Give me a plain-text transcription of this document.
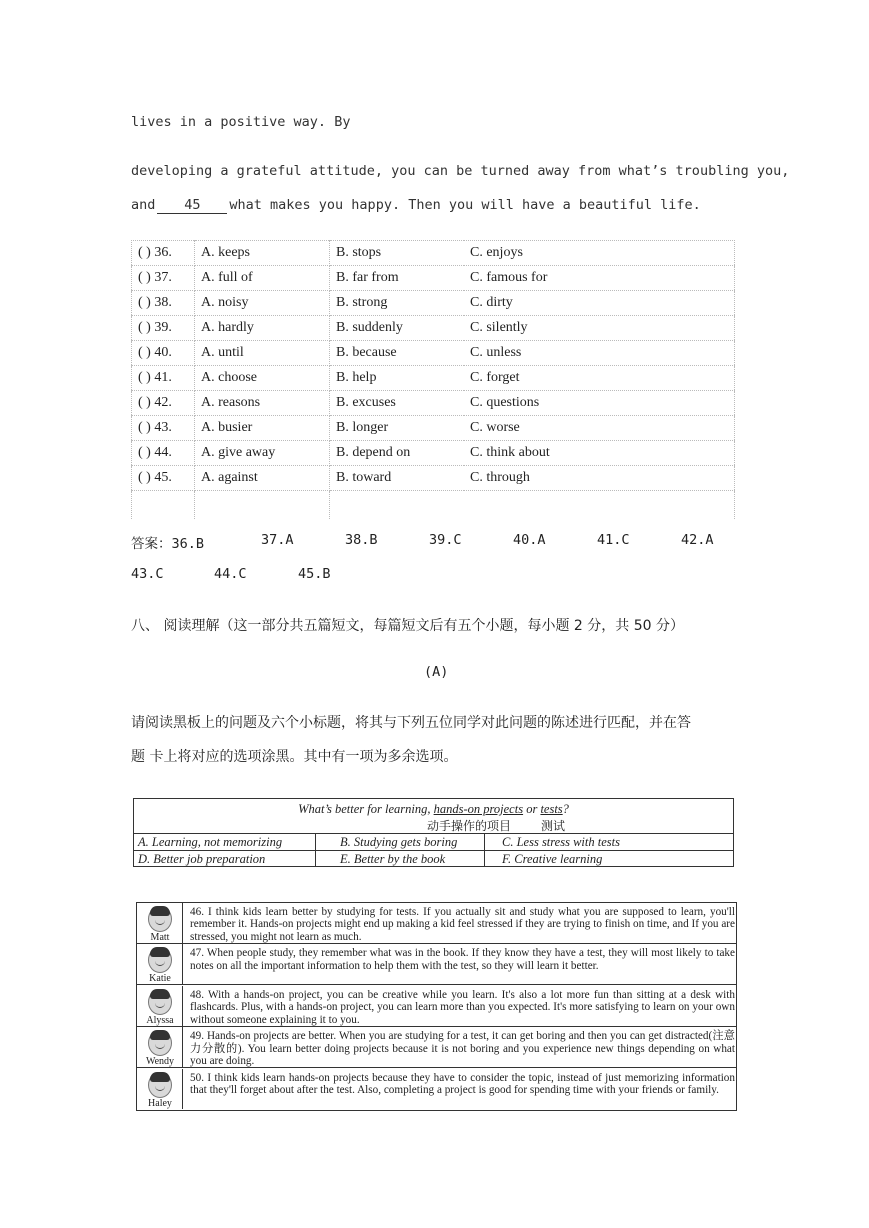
lives in a positive way. By
developing a grateful attitude, you can be turned away from what’s troubling you,
and 45 what makes you happy. Then you will have a beautiful life.
( ) 36.	A. keeps	B. stops	C. enjoys
( ) 37.	A. full of	B. far from	C. famous for
( ) 38.	A. noisy	B. strong	C. dirty
( ) 39.	A. hardly	B. suddenly	C. silently
( ) 40.	A. until	B. because	C. unless
( ) 41.	A. choose	B. help	C. forget
( ) 42.	A. reasons	B. excuses	C. questions
( ) 43.	A. busier	B. longer	C. worse
( ) 44.	A. give away	B. depend on	C. think about
( ) 45.	A. against	B. toward	C. through

答案：36.B	37.A	38.B	39.C	40.A	41.C	42.A
43.C	44.C	45.B
八、 阅读理解（这一部分共五篇短文，每篇短文后有五个小题，每小题 2 分，共 50 分）
(A)
请阅读黑板上的问题及六个小标题，将其与下列五位同学对此问题的陈述进行匹配，并在答
题 卡上将对应的选项涂黑。其中有一项为多余选项。
What’s better for learning, hands-on projects or tests?
动手操作的项目 测试
A. Learning, not memorizing	B. Studying gets boring	C. Less stress with tests
D. Better job preparation	E. Better by the book	F. Creative learning
Matt
46. I think kids learn better by studying for tests. If you actually sit and study what you are supposed to learn, you'll remember it. Hands-on projects might end up making a kid feel stressed if they are trying to finish on time, and If you are stressed, you might not learn as much.
Katie
47. When people study, they remember what was in the book. If they know they have a test, they will most likely to take notes on all the important information to help them with the test, so they will learn it better.
Alyssa
48. With a hands-on project, you can be creative while you learn. It's also a lot more fun than sitting at a desk with flashcards. Plus, with a hands-on project, you can learn more than you expected. It's more satisfying to learn on your own without someone explaining it to you.
Wendy
49. Hands-on projects are better. When you are studying for a test, it can get boring and then you can get distracted(注意力分散的). You learn better doing projects because it is not boring and you experience new things depending on what you are doing.
Haley
50. I think kids learn hands-on projects because they have to consider the topic, instead of just memorizing information that they'll forget about after the test. Also, completing a project is good for spending time with your friends or family.
